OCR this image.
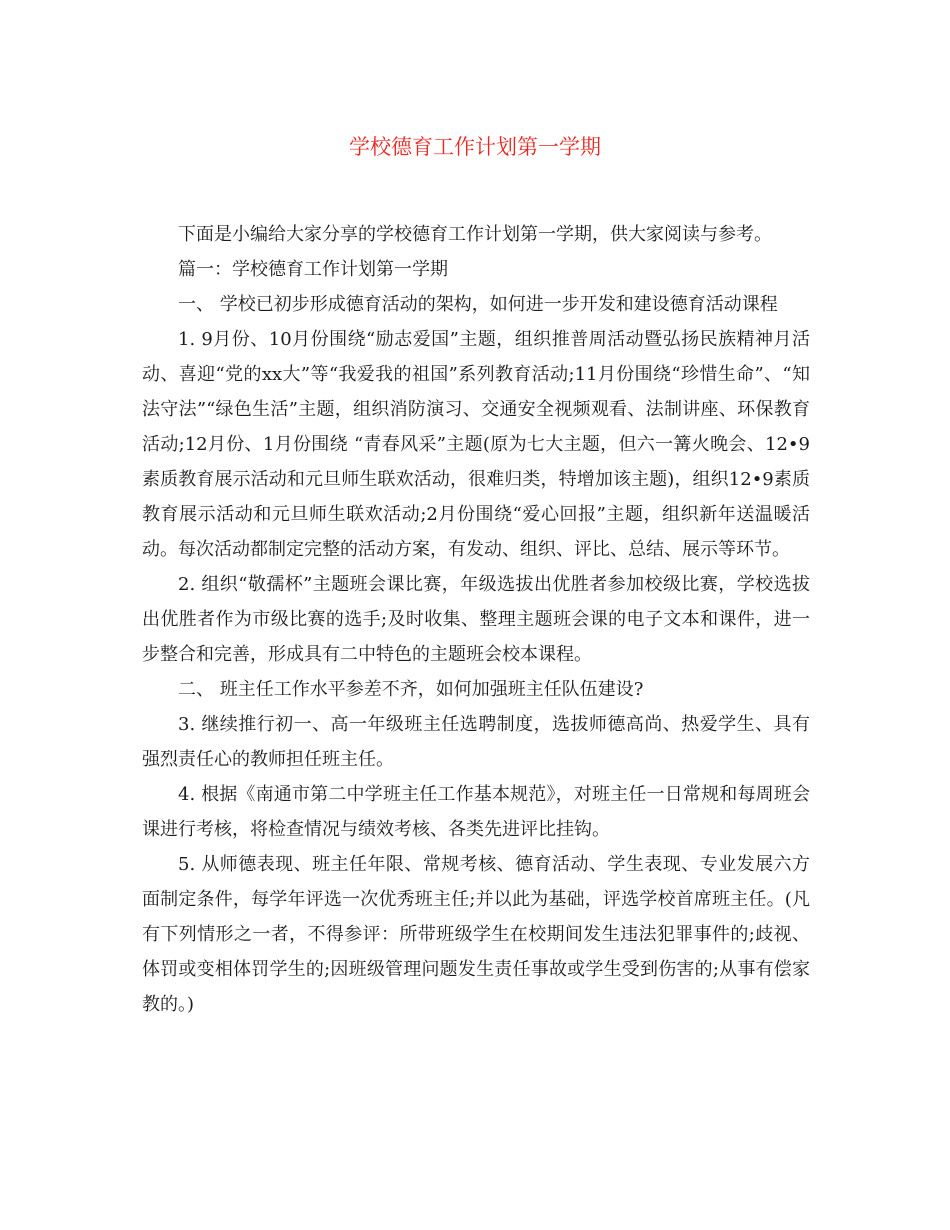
学校德育工作计划第一学期

下面是小编给大家分享的学校德育工作计划第一学期，供大家阅读与参考。

篇一：学校德育工作计划第一学期

一、 学校已初步形成德育活动的架构，如何进一步开发和建设德育活动课程

1. 9月份、10月份围绕“励志爱国”主题，组织推普周活动暨弘扬民族精神月活动、喜迎“党的xx大”等“我爱我的祖国”系列教育活动;11月份围绕“珍惜生命”、“知法守法”“绿色生活”主题，组织消防演习、交通安全视频观看、法制讲座、环保教育活动;12月份、1月份围绕 “青春风采”主题(原为七大主题，但六一篝火晚会、12•9素质教育展示活动和元旦师生联欢活动，很难归类，特增加该主题)，组织12•9素质教育展示活动和元旦师生联欢活动;2月份围绕“爱心回报”主题，组织新年送温暖活动。每次活动都制定完整的活动方案，有发动、组织、评比、总结、展示等环节。

2. 组织“敬孺杯”主题班会课比赛，年级选拔出优胜者参加校级比赛，学校选拔出优胜者作为市级比赛的选手;及时收集、整理主题班会课的电子文本和课件，进一步整合和完善，形成具有二中特色的主题班会校本课程。

二、 班主任工作水平参差不齐，如何加强班主任队伍建设?

3. 继续推行初一、高一年级班主任选聘制度，选拔师德高尚、热爱学生、具有强烈责任心的教师担任班主任。

4. 根据《南通市第二中学班主任工作基本规范》，对班主任一日常规和每周班会课进行考核，将检查情况与绩效考核、各类先进评比挂钩。

5. 从师德表现、班主任年限、常规考核、德育活动、学生表现、专业发展六方面制定条件，每学年评选一次优秀班主任;并以此为基础，评选学校首席班主任。(凡有下列情形之一者，不得参评：所带班级学生在校期间发生违法犯罪事件的;歧视、体罚或变相体罚学生的;因班级管理问题发生责任事故或学生受到伤害的;从事有偿家教的。)
